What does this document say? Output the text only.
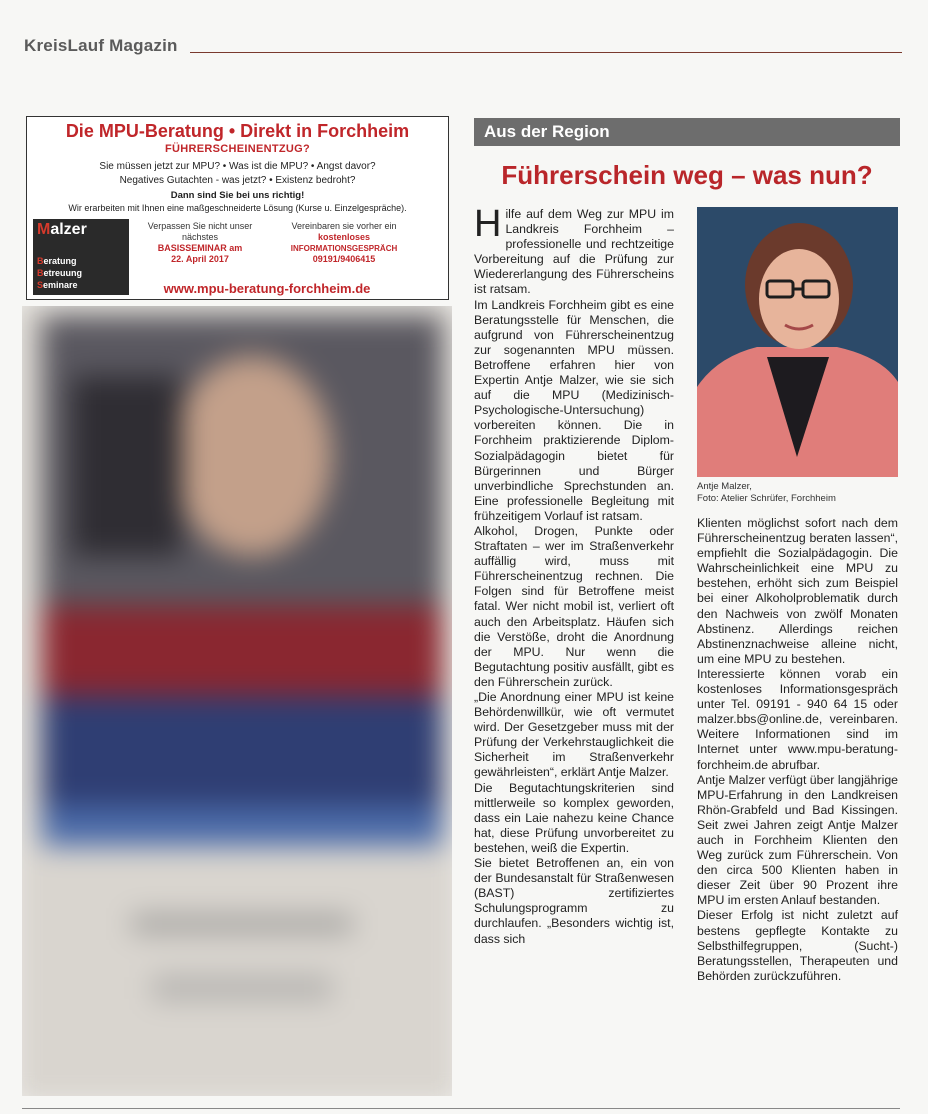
KreisLauf Magazin
Die MPU-Beratung • Direkt in Forchheim
FÜHRERSCHEINENTZUG?
Sie müssen jetzt zur MPU? • Was ist die MPU? • Angst davor?
Negatives Gutachten - was jetzt? • Existenz bedroht?
Dann sind Sie bei uns richtig!
Wir erarbeiten mit Ihnen eine maßgeschneiderte Lösung (Kurse u. Einzelgespräche).
Malzer
Beratung
Betreuung
Seminare
Verpassen Sie nicht unser nächstes
BASISSEMINAR am
22. April 2017
Vereinbaren sie vorher ein
kostenloses
INFORMATIONSGESPRÄCH
09191/9406415
www.mpu-beratung-forchheim.de
Aus der Region
Führerschein weg – was nun?

Hilfe auf dem Weg zur MPU im Landkreis Forchheim – professionelle und rechtzeitige Vorbereitung auf die Prüfung zur Wiedererlangung des Führerscheins ist ratsam.

Im Landkreis Forchheim gibt es eine Beratungsstelle für Menschen, die aufgrund von Führerscheinentzug zur sogenannten MPU müssen. Betroffene erfahren hier von Expertin Antje Malzer, wie sie sich auf die MPU (Medizinisch-Psychologische-Untersuchung) vorbereiten können. Die in Forchheim praktizierende Diplom-Sozialpädagogin bietet für Bürgerinnen und Bürger unverbindliche Sprechstunden an. Eine professionelle Begleitung mit frühzeitigem Vorlauf ist ratsam.

Alkohol, Drogen, Punkte oder Straftaten – wer im Straßenverkehr auffällig wird, muss mit Führerscheinentzug rechnen. Die Folgen sind für Betroffene meist fatal. Wer nicht mobil ist, verliert oft auch den Arbeitsplatz. Häufen sich die Verstöße, droht die Anordnung der MPU. Nur wenn die Begutachtung positiv ausfällt, gibt es den Führerschein zurück.

„Die Anordnung einer MPU ist keine Behördenwillkür, wie oft vermutet wird. Der Gesetzgeber muss mit der Prüfung der Verkehrstauglichkeit die Sicherheit im Straßenverkehr gewährleisten“, erklärt Antje Malzer.

Die Begutachtungskriterien sind mittlerweile so komplex geworden, dass ein Laie nahezu keine Chance hat, diese Prüfung unvorbereitet zu bestehen, weiß die Expertin.

Sie bietet Betroffenen an, ein von der Bundesanstalt für Straßenwesen (BAST) zertifiziertes Schulungsprogramm zu durchlaufen. „Besonders wichtig ist, dass sich

Antje Malzer,
Foto: Atelier Schrüfer, Forchheim

Klienten möglichst sofort nach dem Führerscheinentzug beraten lassen“, empfiehlt die Sozialpädagogin. Die Wahrscheinlichkeit eine MPU zu bestehen, erhöht sich zum Beispiel bei einer Alkoholproblematik durch den Nachweis von zwölf Monaten Abstinenz. Allerdings reichen Abstinenznachweise alleine nicht, um eine MPU zu bestehen.

Interessierte können vorab ein kostenloses Informationsgespräch unter Tel. 09191 - 940 64 15 oder malzer.bbs@online.de, vereinbaren. Weitere Informationen sind im Internet unter www.mpu-beratung-forchheim.de abrufbar.

Antje Malzer verfügt über langjährige MPU-Erfahrung in den Landkreisen Rhön-Grabfeld und Bad Kissingen. Seit zwei Jahren zeigt Antje Malzer auch in Forchheim Klienten den Weg zurück zum Führerschein. Von den circa 500 Klienten haben in dieser Zeit über 90 Prozent ihre MPU im ersten Anlauf bestanden.

Dieser Erfolg ist nicht zuletzt auf bestens gepflegte Kontakte zu Selbsthilfegruppen, (Sucht-) Beratungsstellen, Therapeuten und Behörden zurückzuführen.
